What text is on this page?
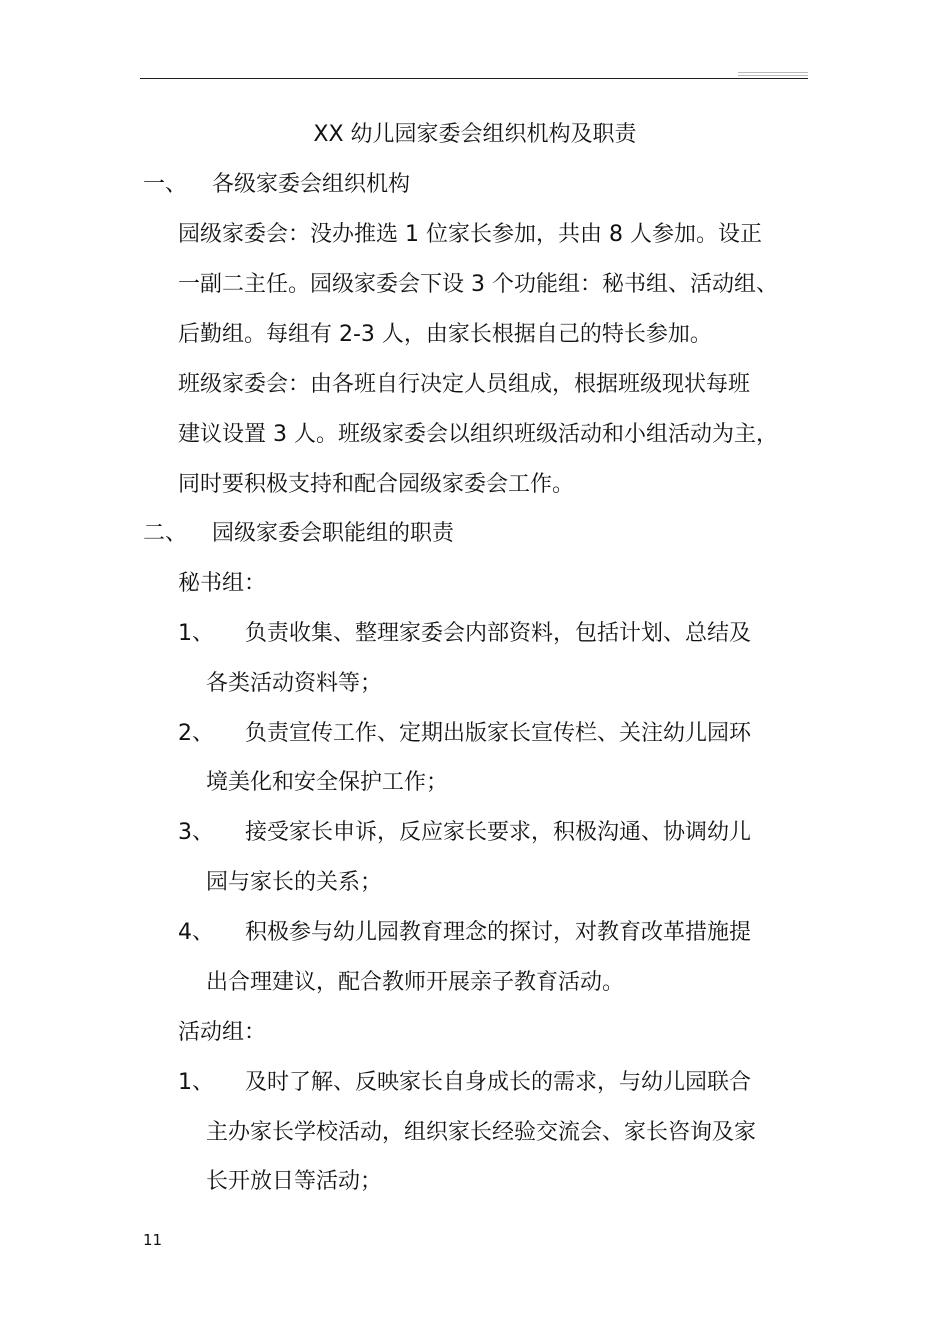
XX 幼儿园家委会组织机构及职责
一、 各级家委会组织机构
园级家委会：没办推选 1 位家长参加，共由 8 人参加。设正
一副二主任。园级家委会下设 3 个功能组：秘书组、活动组、
后勤组。每组有 2-3 人，由家长根据自己的特长参加。
班级家委会：由各班自行决定人员组成，根据班级现状每班
建议设置 3 人。班级家委会以组织班级活动和小组活动为主，
同时要积极支持和配合园级家委会工作。
二、 园级家委会职能组的职责
秘书组：
1、 负责收集、整理家委会内部资料，包括计划、总结及
各类活动资料等；
2、 负责宣传工作、定期出版家长宣传栏、关注幼儿园环
境美化和安全保护工作；
3、 接受家长申诉，反应家长要求，积极沟通、协调幼儿
园与家长的关系；
4、 积极参与幼儿园教育理念的探讨，对教育改革措施提
出合理建议，配合教师开展亲子教育活动。
活动组：
1、 及时了解、反映家长自身成长的需求，与幼儿园联合
主办家长学校活动，组织家长经验交流会、家长咨询及家
长开放日等活动；
11
